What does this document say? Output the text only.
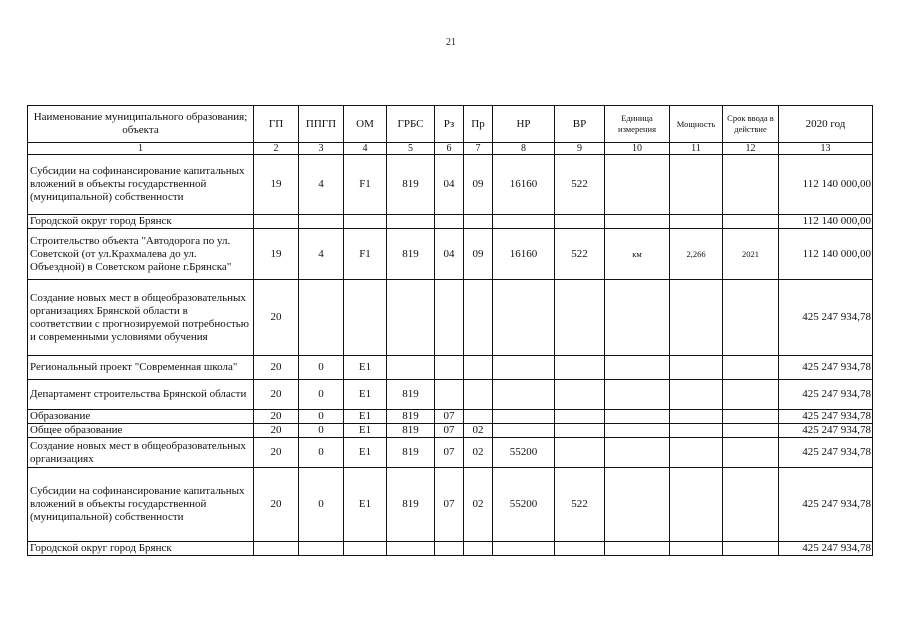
21
Наименование муниципального образования; объекта	ГП	ППГП	ОМ	ГРБС	Рз	Пр	НР	ВР	Единица измерения	Мощность	Срок ввода в действие	2020 год
1	2	3	4	5	6	7	8	9	10	11	12	13
Субсидии на софинансирование капитальных вложений в объекты государственной (муниципальной) собственности	19	4	F1	819	04	09	16160	522				112 140 000,00
Городской округ город Брянск												112 140 000,00
Строительство объекта "Автодорога по ул. Советской (от ул.Крахмалева до ул. Объездной) в Советском районе г.Брянска"	19	4	F1	819	04	09	16160	522	км	2,266	2021	112 140 000,00
Создание новых мест в общеобразовательных организациях Брянской области в соответствии с прогнозируемой потребностью и современными условиями обучения	20											425 247 934,78
Региональный проект "Современная школа"	20	0	E1									425 247 934,78
Департамент строительства Брянской области	20	0	E1	819								425 247 934,78
Образование	20	0	E1	819	07							425 247 934,78
Общее образование	20	0	E1	819	07	02						425 247 934,78
Создание новых мест в общеобразовательных организациях	20	0	E1	819	07	02	55200					425 247 934,78
Субсидии на софинансирование капитальных вложений в объекты государственной (муниципальной) собственности	20	0	E1	819	07	02	55200	522				425 247 934,78
Городской округ город Брянск												425 247 934,78
